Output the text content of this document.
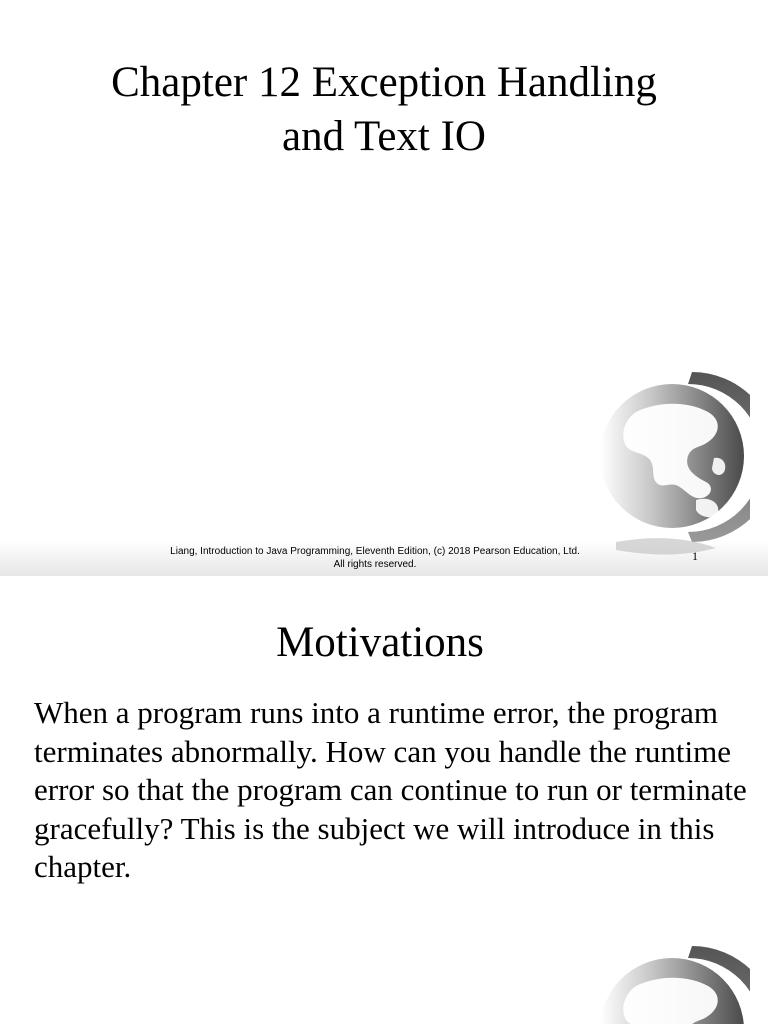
Chapter 12 Exception Handling
and Text IO
Liang, Introduction to Java Programming, Eleventh Edition, (c) 2018 Pearson Education, Ltd.
All rights reserved.
1
Motivations

When a program runs into a runtime error, the program terminates abnormally. How can you handle the runtime error so that the program can continue to run or terminate gracefully? This is the subject we will introduce in this chapter.
